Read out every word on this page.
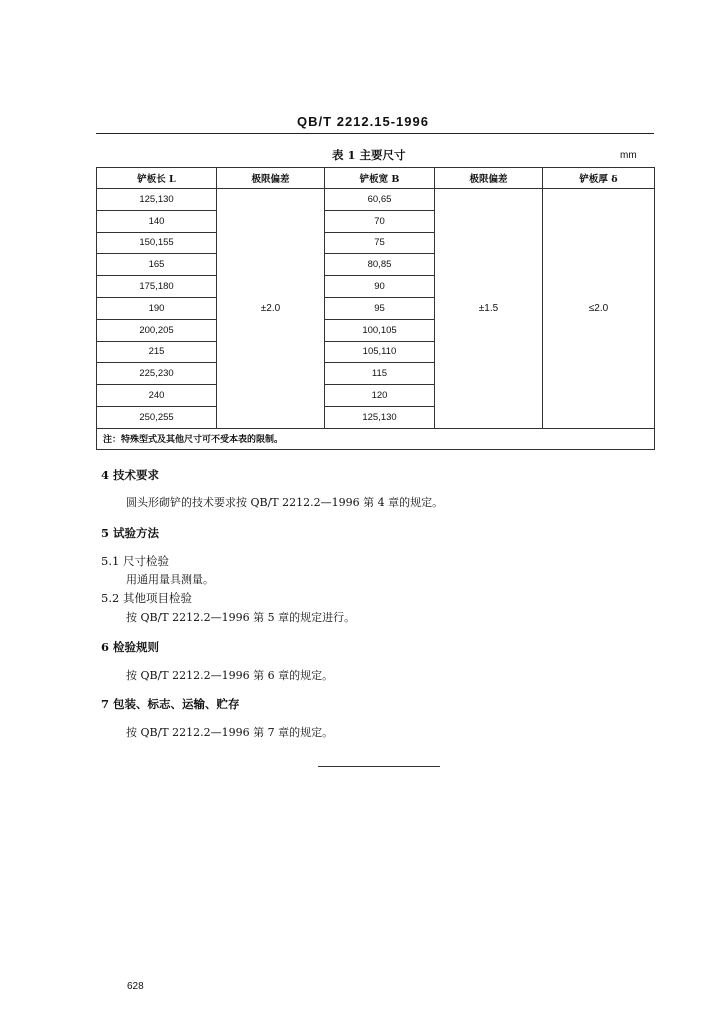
QB/T 2212.15-1996
表 1 主要尺寸	mm
铲板长 L	极限偏差	铲板宽 B	极限偏差	铲板厚 δ
125,130	±2.0	60,65	±1.5	≤2.0
140		70		
150,155		75		
165		80,85		
175,180		90		
190		95		
200,205		100,105		
215		105,110		
225,230		115		
240		120		
250,255		125,130		
注：特殊型式及其他尺寸可不受本表的限制。				
4 技术要求
圆头形砌铲的技术要求按 QB/T 2212.2—1996 第 4 章的规定。
5 试验方法
5.1 尺寸检验
用通用量具测量。
5.2 其他项目检验
按 QB/T 2212.2—1996 第 5 章的规定进行。
6 检验规则
按 QB/T 2212.2—1996 第 6 章的规定。
7 包装、标志、运输、贮存
按 QB/T 2212.2—1996 第 7 章的规定。
628
